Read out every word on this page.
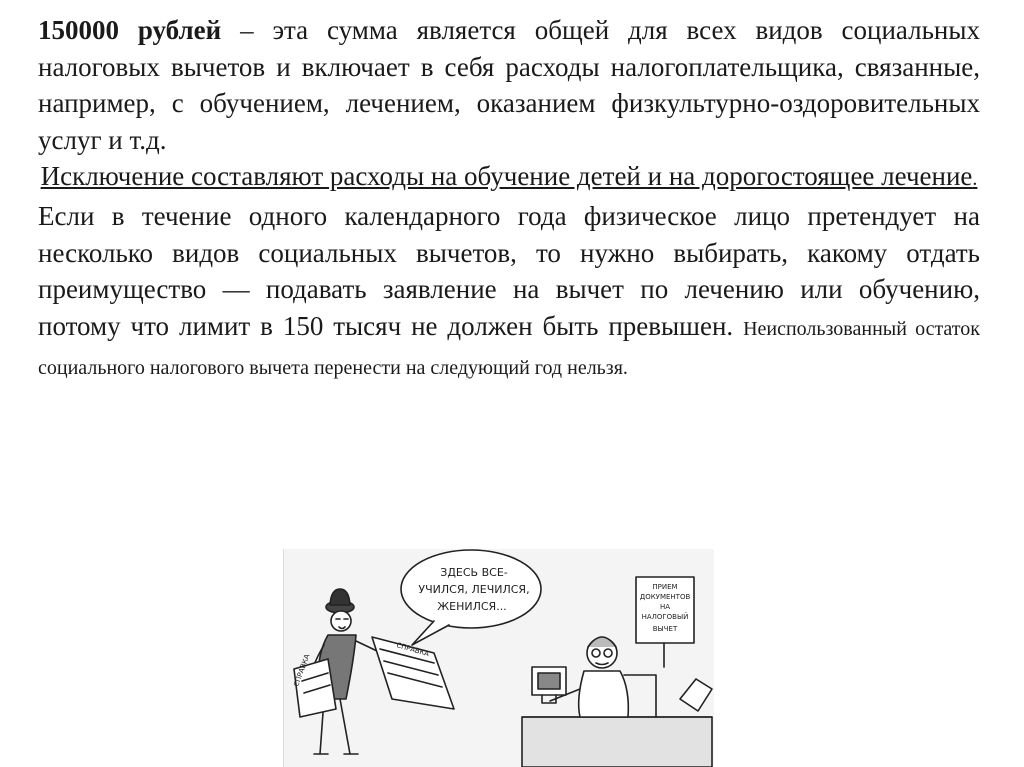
150000 рублей – эта сумма является общей для всех видов социальных налоговых вычетов и включает в себя расходы налогоплательщика, связанные, например, с обучением, лечением, оказанием физкультурно-оздоровительных услуг и т.д.

Исключение составляют расходы на обучение детей и на дорогостоящее лечение.

Если в течение одного календарного года физическое лицо претендует на несколько видов социальных вычетов, то нужно выбирать, какому отдать преимущество — подавать заявление на вычет по лечению или обучению, потому что лимит в 150 тысяч не должен быть превышен. Неиспользованный остаток социального налогового вычета перенести на следующий год нельзя.

ЗДЕСЬ ВСЕ-
УЧИЛСЯ, ЛЕЧИЛСЯ,
ЖЕНИЛСЯ...
ПРИЕМ
ДОКУМЕНТОВ
НА
НАЛОГОВЫЙ
ВЫЧЕТ
СПРАВКА
СПРАВКА
